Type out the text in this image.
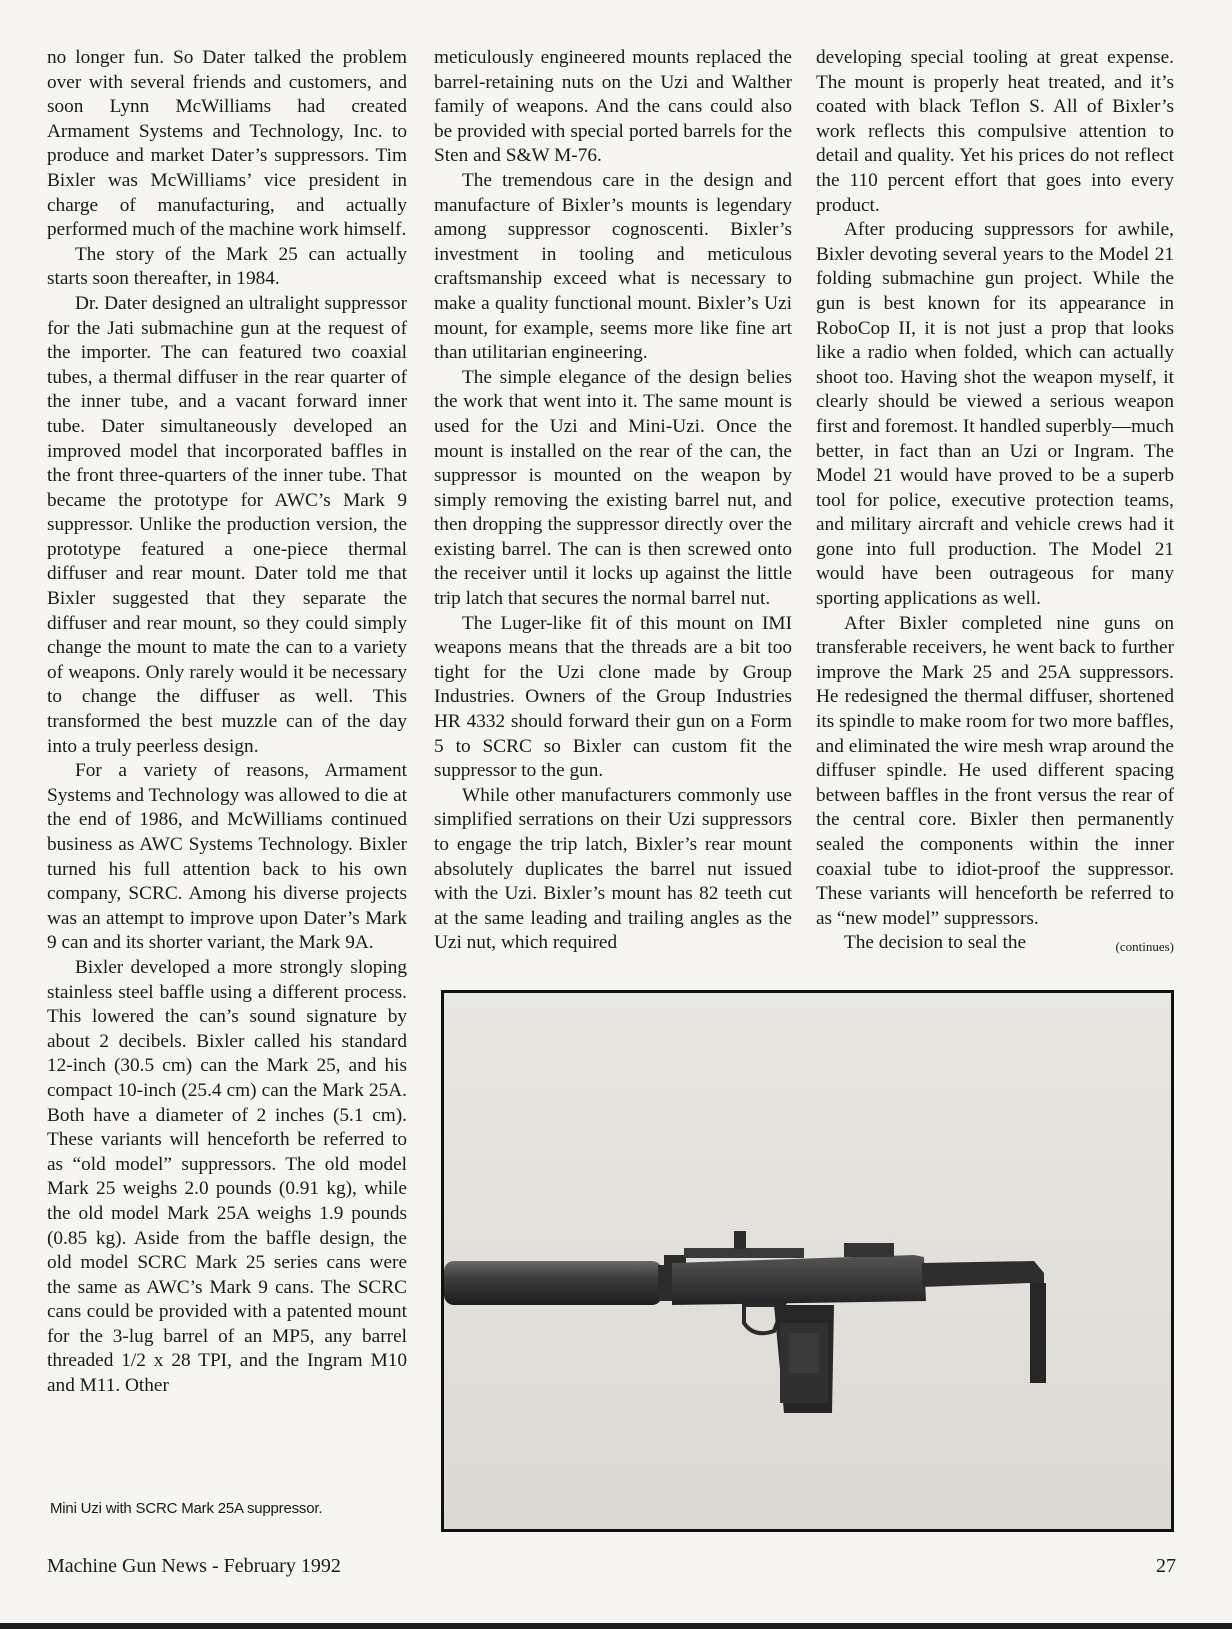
no longer fun. So Dater talked the problem over with several friends and customers, and soon Lynn McWilliams had created Armament Systems and Technology, Inc. to produce and market Dater’s suppressors. Tim Bixler was McWilliams’ vice president in charge of manufacturing, and actually performed much of the machine work himself.

The story of the Mark 25 can actually starts soon thereafter, in 1984.

Dr. Dater designed an ultralight suppressor for the Jati submachine gun at the request of the importer. The can featured two coaxial tubes, a thermal diffuser in the rear quarter of the inner tube, and a vacant forward inner tube. Dater simultaneously developed an improved model that incorporated baffles in the front three-quarters of the inner tube. That became the prototype for AWC’s Mark 9 suppressor. Unlike the production version, the prototype featured a one-piece thermal diffuser and rear mount. Dater told me that Bixler suggested that they separate the diffuser and rear mount, so they could simply change the mount to mate the can to a variety of weapons. Only rarely would it be necessary to change the diffuser as well. This transformed the best muzzle can of the day into a truly peerless design.

For a variety of reasons, Armament Systems and Technology was allowed to die at the end of 1986, and McWilliams continued business as AWC Systems Technology. Bixler turned his full attention back to his own company, SCRC. Among his diverse projects was an attempt to improve upon Dater’s Mark 9 can and its shorter variant, the Mark 9A.

Bixler developed a more strongly sloping stainless steel baffle using a different process. This lowered the can’s sound signature by about 2 decibels. Bixler called his standard 12-inch (30.5 cm) can the Mark 25, and his compact 10-inch (25.4 cm) can the Mark 25A. Both have a diameter of 2 inches (5.1 cm). These variants will henceforth be referred to as “old model” suppressors. The old model Mark 25 weighs 2.0 pounds (0.91 kg), while the old model Mark 25A weighs 1.9 pounds (0.85 kg). Aside from the baffle design, the old model SCRC Mark 25 series cans were the same as AWC’s Mark 9 cans. The SCRC cans could be provided with a patented mount for the 3-lug barrel of an MP5, any barrel threaded 1/2 x 28 TPI, and the Ingram M10 and M11. Other

meticulously engineered mounts replaced the barrel-retaining nuts on the Uzi and Walther family of weapons. And the cans could also be provided with special ported barrels for the Sten and S&W M-76.

The tremendous care in the design and manufacture of Bixler’s mounts is legendary among suppressor cognoscenti. Bixler’s investment in tooling and meticulous craftsmanship exceed what is necessary to make a quality functional mount. Bixler’s Uzi mount, for example, seems more like fine art than utilitarian engineering.

The simple elegance of the design belies the work that went into it. The same mount is used for the Uzi and Mini-Uzi. Once the mount is installed on the rear of the can, the suppressor is mounted on the weapon by simply removing the existing barrel nut, and then dropping the suppressor directly over the existing barrel. The can is then screwed onto the receiver until it locks up against the little trip latch that secures the normal barrel nut.

The Luger-like fit of this mount on IMI weapons means that the threads are a bit too tight for the Uzi clone made by Group Industries. Owners of the Group Industries HR 4332 should forward their gun on a Form 5 to SCRC so Bixler can custom fit the suppressor to the gun.

While other manufacturers commonly use simplified serrations on their Uzi suppressors to engage the trip latch, Bixler’s rear mount absolutely duplicates the barrel nut issued with the Uzi. Bixler’s mount has 82 teeth cut at the same leading and trailing angles as the Uzi nut, which required

developing special tooling at great expense. The mount is properly heat treated, and it’s coated with black Teflon S. All of Bixler’s work reflects this compulsive attention to detail and quality. Yet his prices do not reflect the 110 percent effort that goes into every product.

After producing suppressors for awhile, Bixler devoting several years to the Model 21 folding submachine gun project. While the gun is best known for its appearance in RoboCop II, it is not just a prop that looks like a radio when folded, which can actually shoot too. Having shot the weapon myself, it clearly should be viewed a serious weapon first and foremost. It handled superbly—much better, in fact than an Uzi or Ingram. The Model 21 would have proved to be a superb tool for police, executive protection teams, and military aircraft and vehicle crews had it gone into full production. The Model 21 would have been outrageous for many sporting applications as well.

After Bixler completed nine guns on transferable receivers, he went back to further improve the Mark 25 and 25A suppressors. He redesigned the thermal diffuser, shortened its spindle to make room for two more baffles, and eliminated the wire mesh wrap around the diffuser spindle. He used different spacing between baffles in the front versus the rear of the central core. Bixler then permanently sealed the components within the inner coaxial tube to idiot-proof the suppressor. These variants will henceforth be referred to as “new model” suppressors.

The decision to seal the	(continues)

Mini Uzi with SCRC Mark 25A suppressor.
Machine Gun News - February 1992	27
